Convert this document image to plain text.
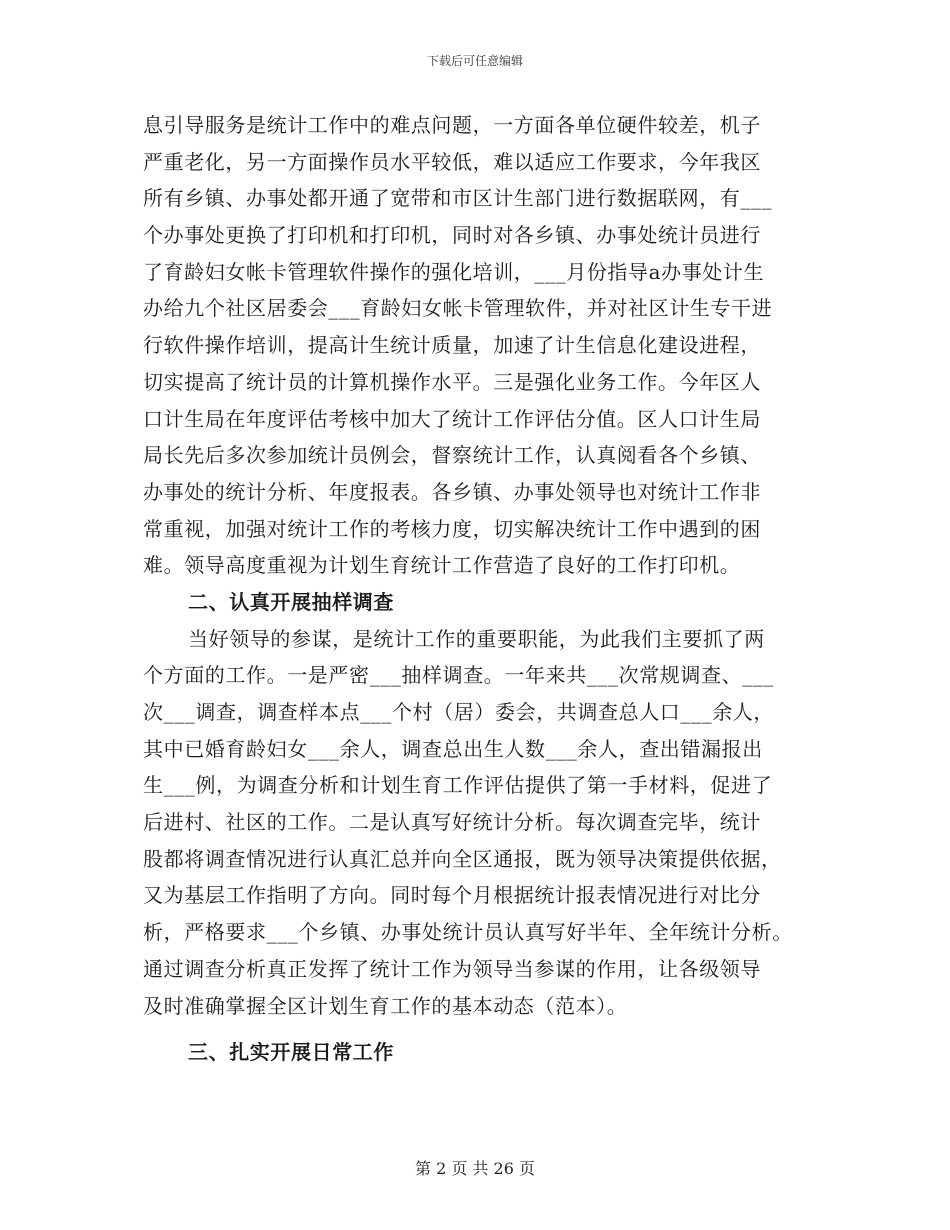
下载后可任意编辑
息引导服务是统计工作中的难点问题，一方面各单位硬件较差，机子
严重老化，另一方面操作员水平较低，难以适应工作要求，今年我区
所有乡镇、办事处都开通了宽带和市区计生部门进行数据联网，有___
个办事处更换了打印机和打印机，同时对各乡镇、办事处统计员进行
了育龄妇女帐卡管理软件操作的强化培训，___月份指导a办事处计生
办给九个社区居委会___育龄妇女帐卡管理软件，并对社区计生专干进
行软件操作培训，提高计生统计质量，加速了计生信息化建设进程，
切实提高了统计员的计算机操作水平。三是强化业务工作。今年区人
口计生局在年度评估考核中加大了统计工作评估分值。区人口计生局
局长先后多次参加统计员例会，督察统计工作，认真阅看各个乡镇、
办事处的统计分析、年度报表。各乡镇、办事处领导也对统计工作非
常重视，加强对统计工作的考核力度，切实解决统计工作中遇到的困
难。领导高度重视为计划生育统计工作营造了良好的工作打印机。
二、认真开展抽样调查
当好领导的参谋，是统计工作的重要职能，为此我们主要抓了两
个方面的工作。一是严密___抽样调查。一年来共___次常规调查、___
次___调查，调查样本点___个村（居）委会，共调查总人口___余人，
其中已婚育龄妇女___余人，调查总出生人数___余人，查出错漏报出
生___例，为调查分析和计划生育工作评估提供了第一手材料，促进了
后进村、社区的工作。二是认真写好统计分析。每次调查完毕，统计
股都将调查情况进行认真汇总并向全区通报，既为领导决策提供依据，
又为基层工作指明了方向。同时每个月根据统计报表情况进行对比分
析，严格要求___个乡镇、办事处统计员认真写好半年、全年统计分析。
通过调查分析真正发挥了统计工作为领导当参谋的作用，让各级领导
及时准确掌握全区计划生育工作的基本动态（范本）。
三、扎实开展日常工作
第 2 页 共 26 页
